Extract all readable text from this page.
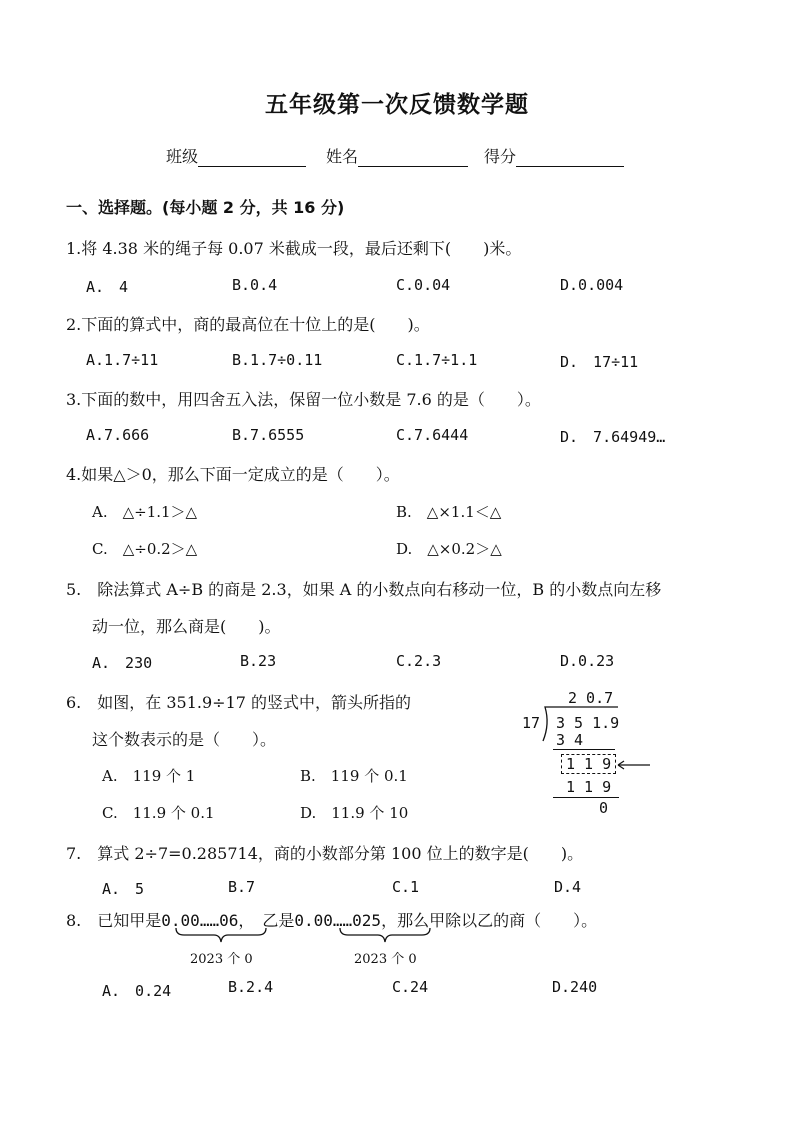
五年级第一次反馈数学题
班级	姓名	得分
一、选择题。(每小题 2 分，共 16 分)
1.将 4.38 米的绳子每 0.07 米截成一段，最后还剩下(　　)米。
A.　4	B.0.4	C.0.04	D.0.004
2.下面的算式中，商的最高位在十位上的是(　　)。
A.1.7÷11	B.1.7÷0.11	C.1.7÷1.1	D.　17÷11
3.下面的数中，用四舍五入法，保留一位小数是 7.6 的是（　　）。
A.7.666	B.7.6555	C.7.6444	D.　7.64949…
4.如果△＞0，那么下面一定成立的是（　　）。
A.　△÷1.1＞△	B.　△×1.1＜△
C.　△÷0.2＞△	D.　△×0.2＞△
5.　除法算式 A÷B 的商是 2.3，如果 A 的小数点向右移动一位，B 的小数点向左移
动一位，那么商是(　　)。
A.　230	B.23	C.2.3	D.0.23
6.　如图，在 351.9÷17 的竖式中，箭头所指的
这个数表示的是（　　）。
A.　119 个 1	B.　119 个 0.1
C.　11.9 个 0.1	D.　11.9 个 10
2 0.7
17 3 5 1.9
3 4
1 1 9
1 1 9
0
7.　算式 2÷7=0.285714，商的小数部分第 100 位上的数字是(　　)。
A.　5	B.7	C.1	D.4
8.　已知甲是0.00……06，　乙是0.00……025，那么甲除以乙的商（　　）。
2023 个 0	2023 个 0
A.　0.24	B.2.4	C.24	D.240
